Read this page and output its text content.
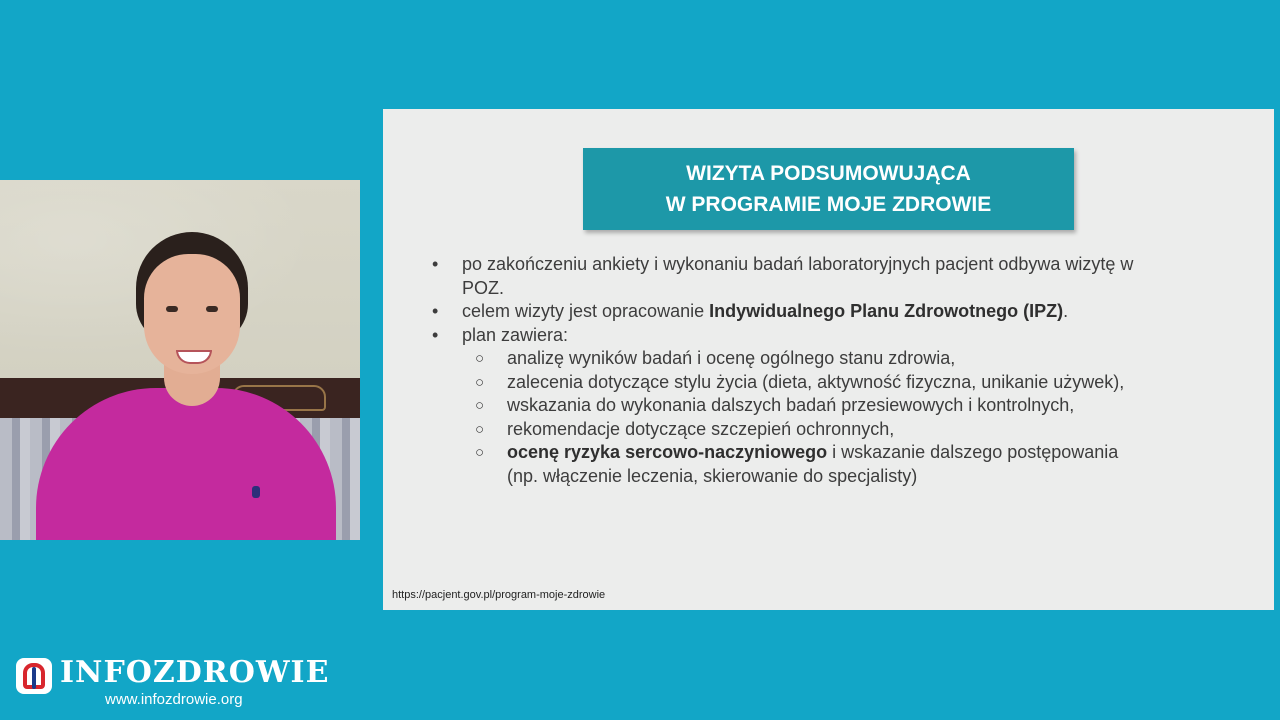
WIZYTA PODSUMOWUJĄCA
W PROGRAMIE MOJE ZDROWIE
• po zakończeniu ankiety i wykonaniu badań laboratoryjnych pacjent odbywa wizytę w POZ.
• celem wizyty jest opracowanie Indywidualnego Planu Zdrowotnego (IPZ).
• plan zawiera:
○ analizę wyników badań i ocenę ogólnego stanu zdrowia,
○ zalecenia dotyczące stylu życia (dieta, aktywność fizyczna, unikanie używek),
○ wskazania do wykonania dalszych badań przesiewowych i kontrolnych,
○ rekomendacje dotyczące szczepień ochronnych,
○ ocenę ryzyka sercowo-naczyniowego i wskazanie dalszego postępowania
(np. włączenie leczenia, skierowanie do specjalisty)
https://pacjent.gov.pl/program-moje-zdrowie
INFOZDROWIE
www.infozdrowie.org
